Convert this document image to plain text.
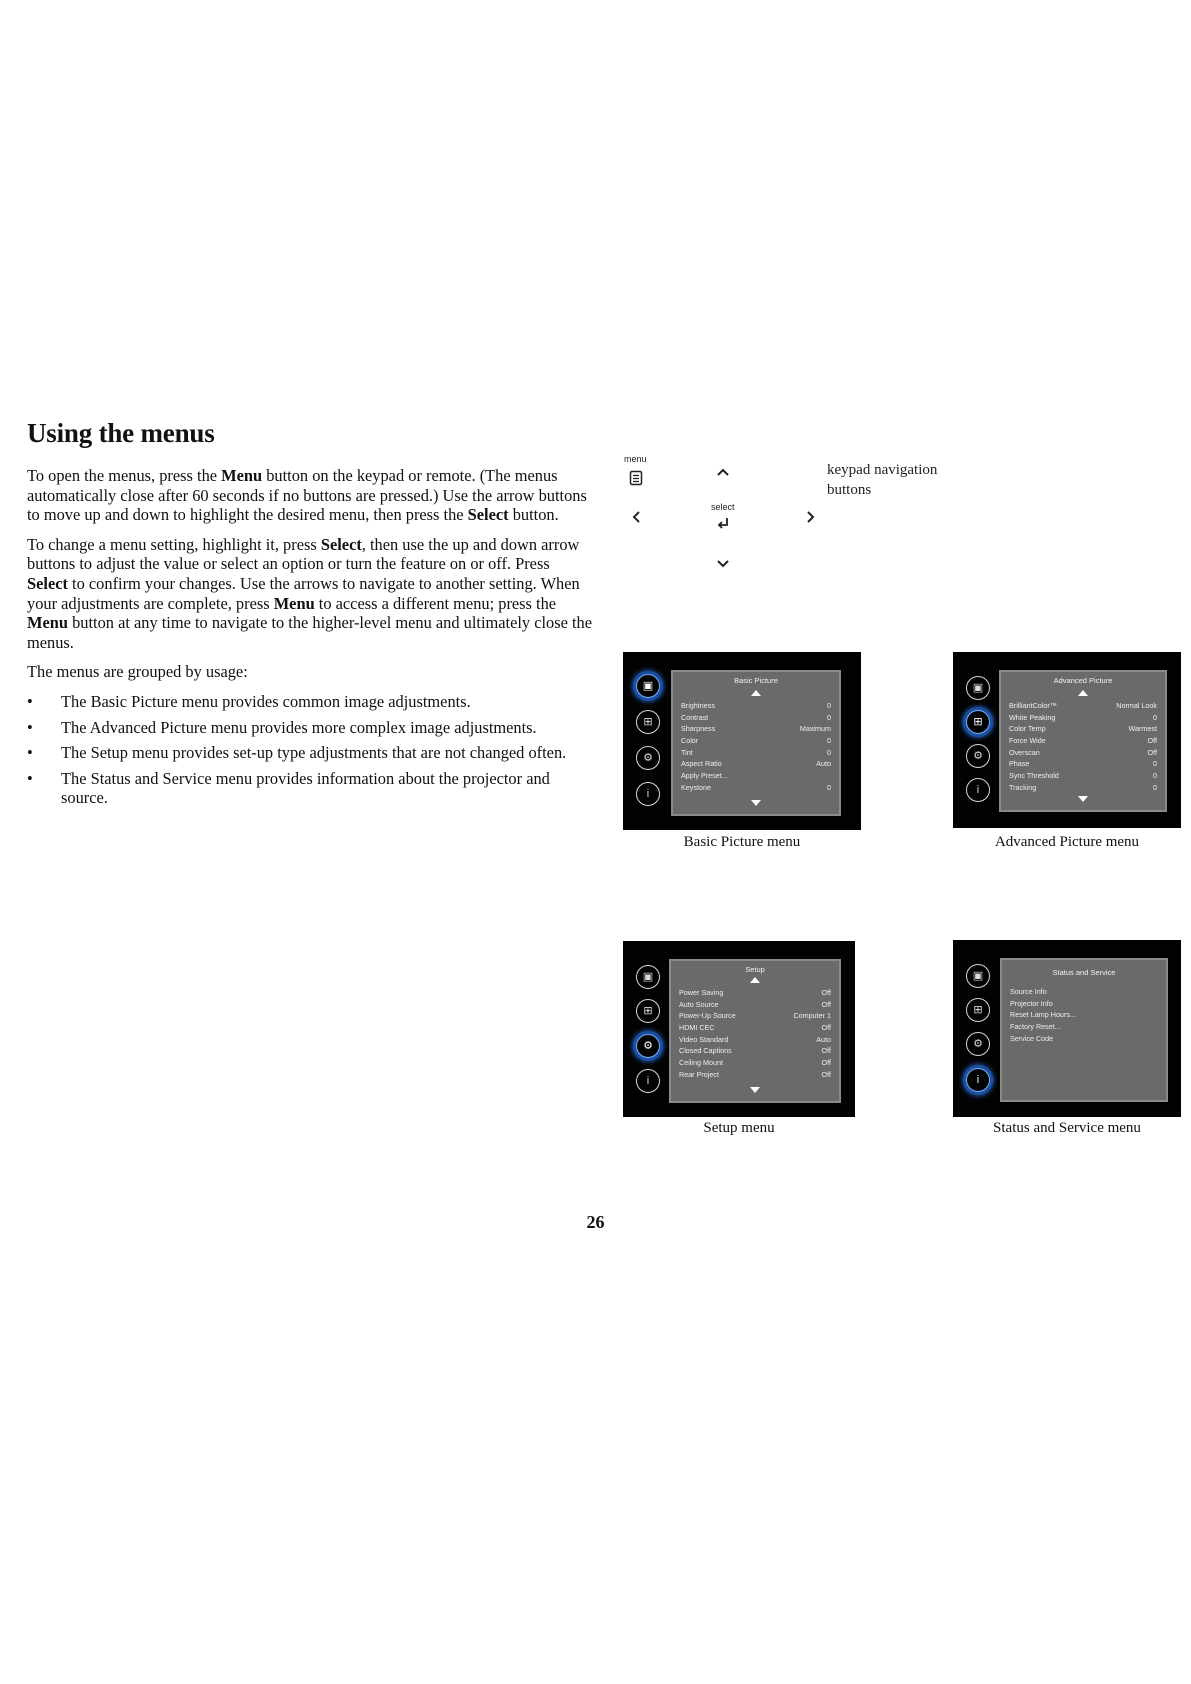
Using the menus

To open the menus, press the Menu button on the keypad or remote. (The menus automatically close after 60 seconds if no buttons are pressed.) Use the arrow buttons to move up and down to highlight the desired menu, then press the Select button.

To change a menu setting, highlight it, press Select, then use the up and down arrow buttons to adjust the value or select an option or turn the feature on or off. Press Select to confirm your changes. Use the arrows to navigate to another setting. When your adjustments are complete, press Menu to access a different menu; press the Menu button at any time to navigate to the higher-level menu and ultimately close the menus.

The menus are grouped by usage:

• The Basic Picture menu provides common image adjustments.
• The Advanced Picture menu provides more complex image adjustments.
• The Setup menu provides set-up type adjustments that are not changed often.
• The Status and Service menu provides information about the projector and source.
menu
select
keypad navigation buttons
▣
⊞
⚙
i
Basic Picture
Brightness	0
Contrast	0
Sharpness	Maximum
Color	0
Tint	0
Aspect Ratio	Auto
Apply Preset...
Keystone	0
Basic Picture menu
▣
⊞
⚙
i
Advanced Picture
BrilliantColor™	Normal Look
White Peaking	0
Color Temp	Warmest
Force Wide	Off
Overscan	Off
Phase	0
Sync Threshold	0
Tracking	0
Advanced Picture menu
▣
⊞
⚙
i
Setup
Power Saving	Off
Auto Source	Off
Power-Up Source	Computer 1
HDMI CEC	Off
Video Standard	Auto
Closed Captions	Off
Ceiling Mount	Off
Rear Project	Off
Setup menu
▣
⊞
⚙
i
Status and Service
Source Info
Projector Info
Reset Lamp Hours...
Factory Reset...
Service Code
Status and Service menu
26
